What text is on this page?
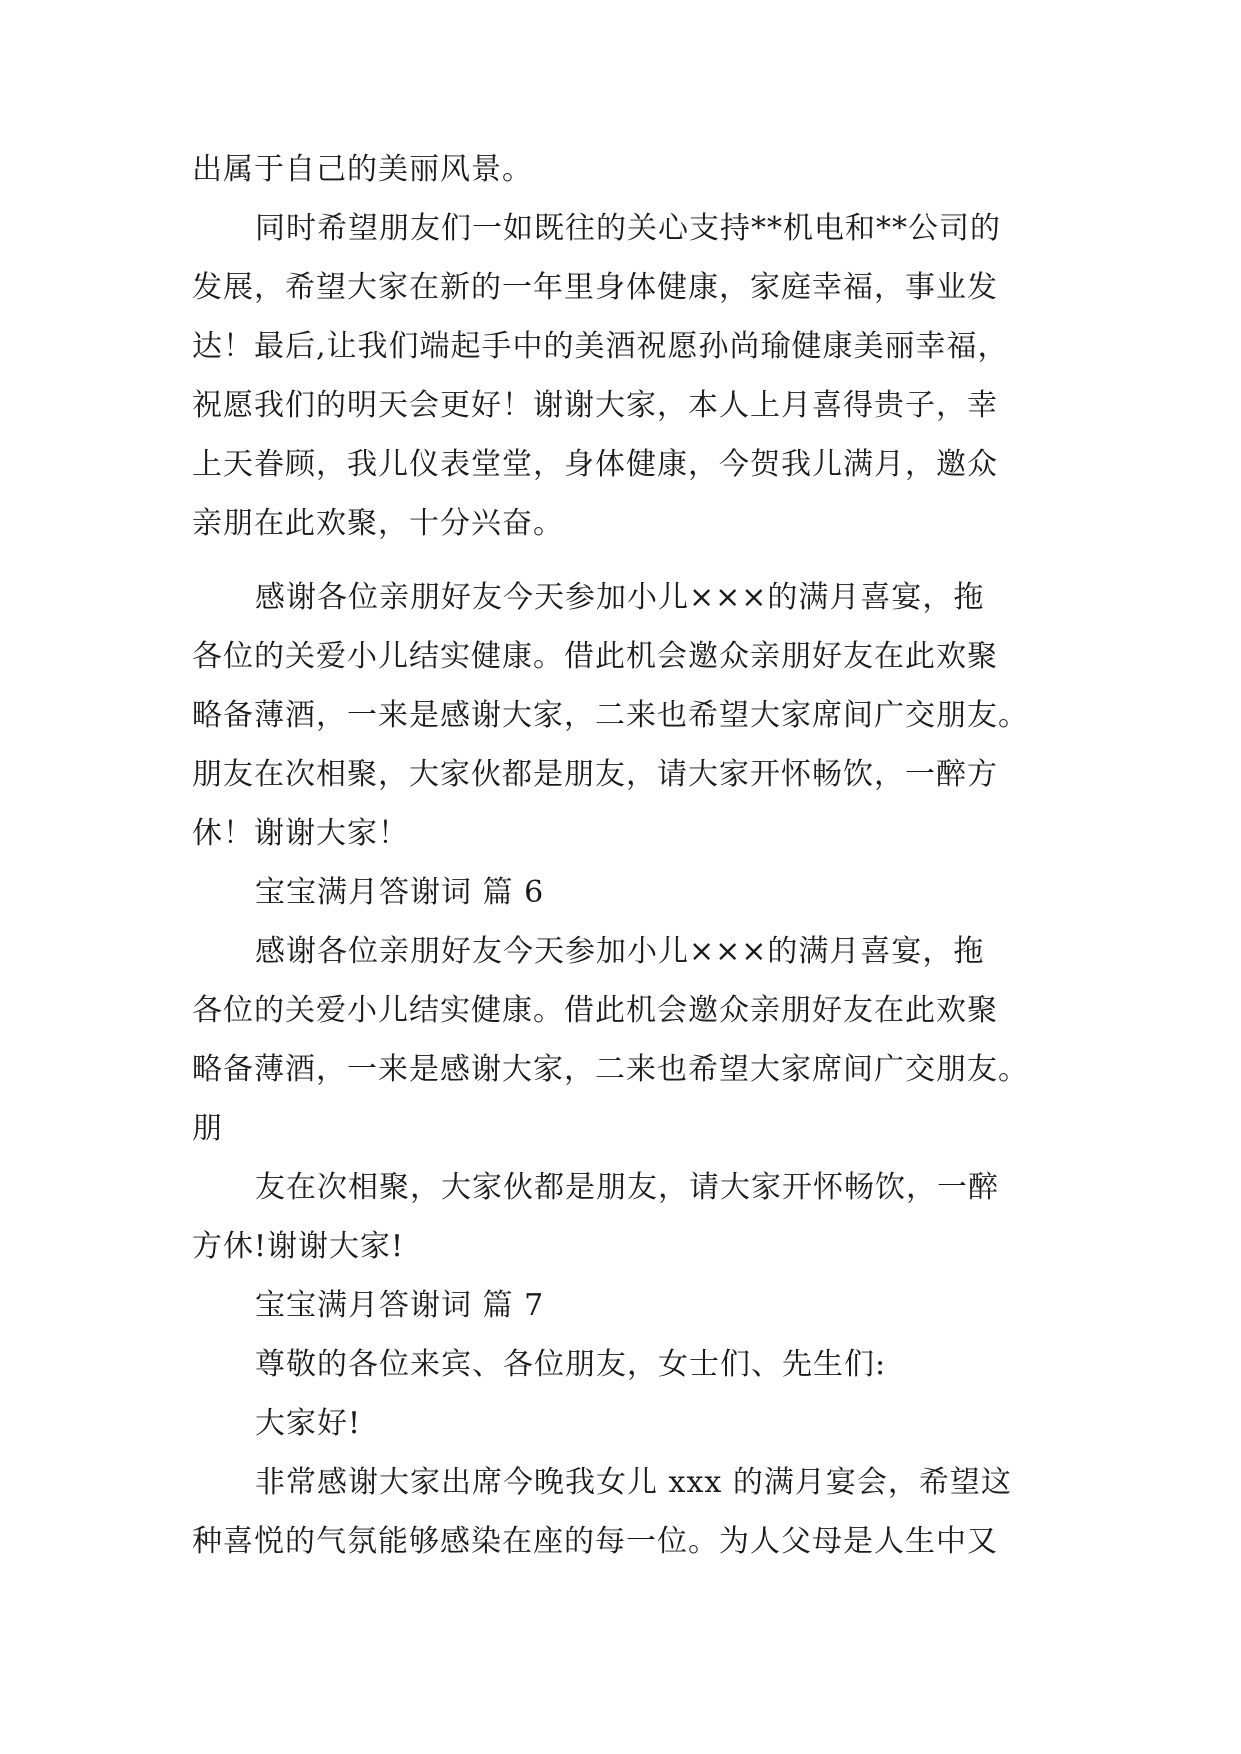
出属于自己的美丽风景。

同时希望朋友们一如既往的关心支持**机电和**公司的

发展，希望大家在新的一年里身体健康，家庭幸福，事业发

达！最后,让我们端起手中的美酒祝愿孙尚瑜健康美丽幸福，

祝愿我们的明天会更好！谢谢大家，本人上月喜得贵子，幸

上天眷顾，我儿仪表堂堂，身体健康，今贺我儿满月，邀众

亲朋在此欢聚，十分兴奋。

感谢各位亲朋好友今天参加小儿×××的满月喜宴，拖

各位的关爱小儿结实健康。借此机会邀众亲朋好友在此欢聚

略备薄酒，一来是感谢大家，二来也希望大家席间广交朋友。

朋友在次相聚，大家伙都是朋友，请大家开怀畅饮，一醉方

休！谢谢大家！

宝宝满月答谢词 篇 6

感谢各位亲朋好友今天参加小儿×××的满月喜宴，拖

各位的关爱小儿结实健康。借此机会邀众亲朋好友在此欢聚

略备薄酒，一来是感谢大家，二来也希望大家席间广交朋友。

朋

友在次相聚，大家伙都是朋友，请大家开怀畅饮，一醉

方休!谢谢大家!

宝宝满月答谢词 篇 7

尊敬的各位来宾、各位朋友，女士们、先生们:

大家好!

非常感谢大家出席今晚我女儿 xxx 的满月宴会，希望这

种喜悦的气氛能够感染在座的每一位。为人父母是人生中又
